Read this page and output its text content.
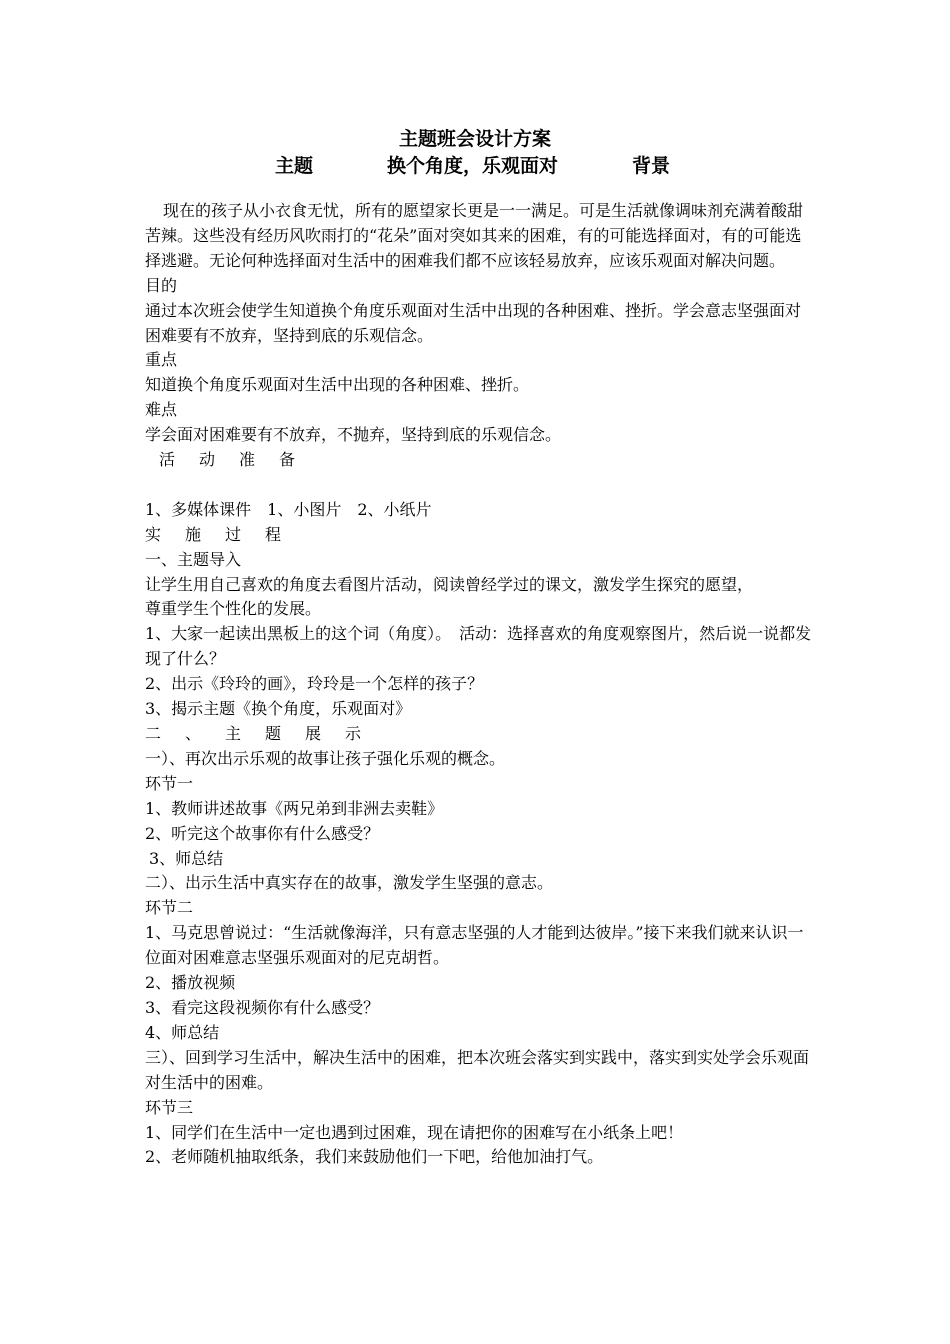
主题班会设计方案
主题	换个角度，乐观面对	背景

现在的孩子从小衣食无忧，所有的愿望家长更是一一满足。可是生活就像调味剂充满着酸甜苦辣。这些没有经历风吹雨打的“花朵”面对突如其来的困难，有的可能选择面对，有的可能选择逃避。无论何种选择面对生活中的困难我们都不应该轻易放弃，应该乐观面对解决问题。

目的

通过本次班会使学生知道换个角度乐观面对生活中出现的各种困难、挫折。学会意志坚强面对困难要有不放弃，坚持到底的乐观信念。

重点

知道换个角度乐观面对生活中出现的各种困难、挫折。

难点

学会面对困难要有不放弃，不抛弃，坚持到底的乐观信念。

活动准备

1、多媒体课件　1、小图片　2、小纸片

实施过程

一、主题导入

让学生用自己喜欢的角度去看图片活动，阅读曾经学过的课文，激发学生探究的愿望，

尊重学生个性化的发展。

1、大家一起读出黑板上的这个词（角度）。　活动：选择喜欢的角度观察图片，然后说一说都发现了什么？

2、出示《玲玲的画》，玲玲是一个怎样的孩子？

3、揭示主题《换个角度，乐观面对》

二、主题展示

一）、再次出示乐观的故事让孩子强化乐观的概念。

环节一

1、教师讲述故事《两兄弟到非洲去卖鞋》

2、听完这个故事你有什么感受？

3、师总结

二）、出示生活中真实存在的故事，激发学生坚强的意志。

环节二

1、马克思曾说过：“生活就像海洋，只有意志坚强的人才能到达彼岸。”接下来我们就来认识一位面对困难意志坚强乐观面对的尼克胡哲。

2、播放视频

3、看完这段视频你有什么感受？

4、师总结

三）、回到学习生活中，解决生活中的困难，把本次班会落实到实践中，落实到实处学会乐观面对生活中的困难。

环节三

1、同学们在生活中一定也遇到过困难，现在请把你的困难写在小纸条上吧！

2、老师随机抽取纸条，我们来鼓励他们一下吧，给他加油打气。
